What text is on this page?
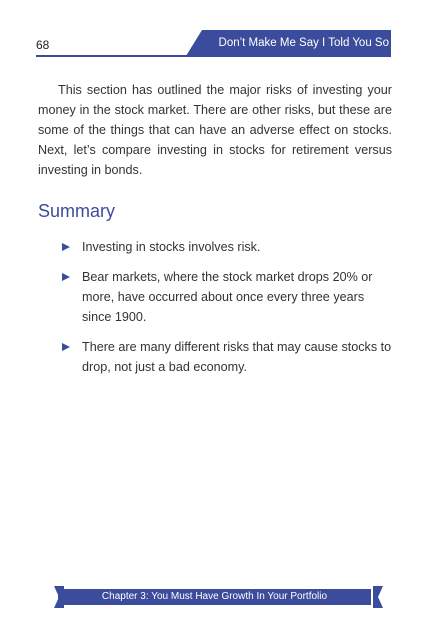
68	Don’t Make Me Say I Told You So

This section has outlined the major risks of investing your money in the stock market. There are other risks, but these are some of the things that can have an adverse effect on stocks. Next, let’s compare investing in stocks for retirement versus investing in bonds.

Summary
Investing in stocks involves risk.
Bear markets, where the stock market drops 20% or more, have occurred about once every three years since 1900.
There are many different risks that may cause stocks to drop, not just a bad economy.
Chapter 3: You Must Have Growth In Your Portfolio
